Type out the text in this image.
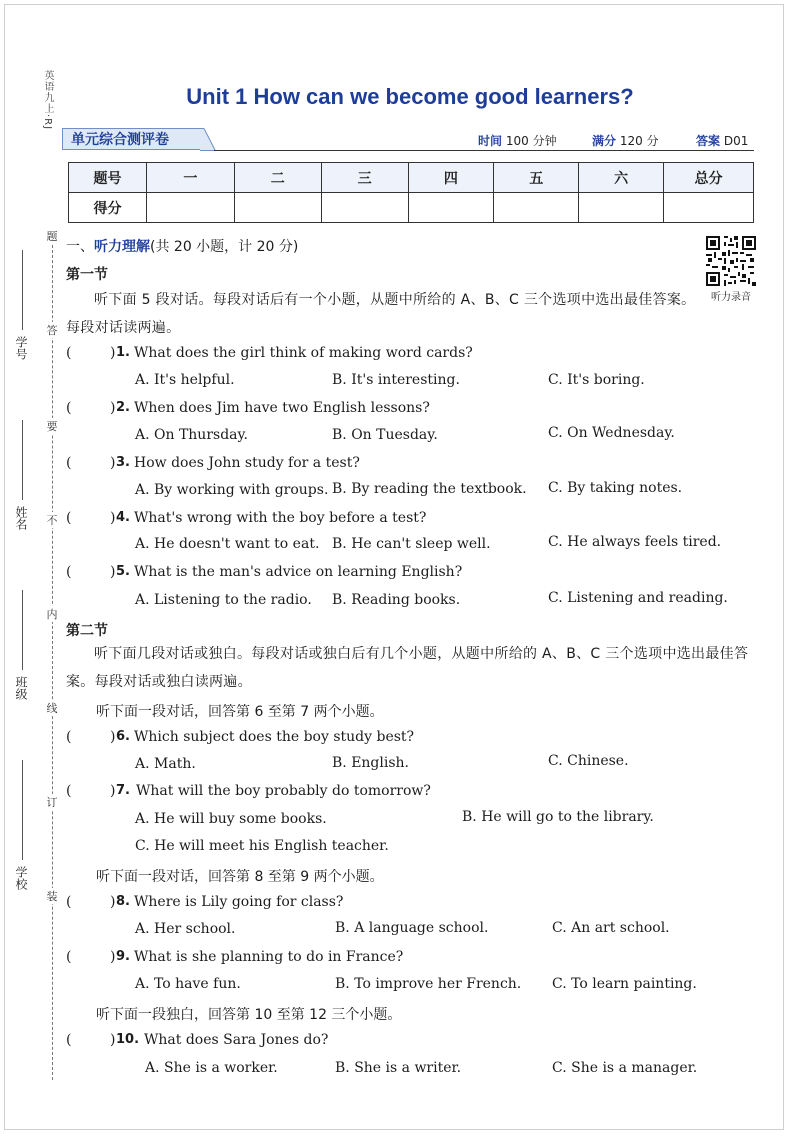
英语九上·RJ
题
答
要
不
内
线
订
装
学号
姓名
班级
学校
Unit 1 How can we become good learners?
单元综合测评卷	时间 100 分钟	满分 120 分	答案 D01
题号	一	二	三	四	五	六	总分
得分							
一、听力理解(共 20 小题，计 20 分)
听力录音
第一节
听下面 5 段对话。每段对话后有一个小题，从题中所给的 A、B、C 三个选项中选出最佳答案。每段对话读两遍。
(	) 1. What does the girl think of making word cards?
A. It's helpful.	B. It's interesting.	C. It's boring.
(	) 2. When does Jim have two English lessons?
A. On Thursday.	B. On Tuesday.	C. On Wednesday.
(	) 3. How does John study for a test?
A. By working with groups. B. By reading the textbook. C. By taking notes.
(	) 4. What's wrong with the boy before a test?
A. He doesn't want to eat. B. He can't sleep well.	C. He always feels tired.
(	) 5. What is the man's advice on learning English?
A. Listening to the radio. B. Reading books.	C. Listening and reading.
第二节
听下面几段对话或独白。每段对话或独白后有几个小题，从题中所给的 A、B、C 三个选项中选出最佳答案。每段对话或独白读两遍。
听下面一段对话，回答第 6 至第 7 两个小题。
(	) 6. Which subject does the boy study best?
A. Math.	B. English.	C. Chinese.
(	) 7. What will the boy probably do tomorrow?
A. He will buy some books.	B. He will go to the library.
C. He will meet his English teacher.
听下面一段对话，回答第 8 至第 9 两个小题。
(	) 8. Where is Lily going for class?
A. Her school.	B. A language school.	C. An art school.
(	) 9. What is she planning to do in France?
A. To have fun.	B. To improve her French. C. To learn painting.
听下面一段独白，回答第 10 至第 12 三个小题。
(	) 10. What does Sara Jones do?
A. She is a worker.	B. She is a writer.	C. She is a manager.
